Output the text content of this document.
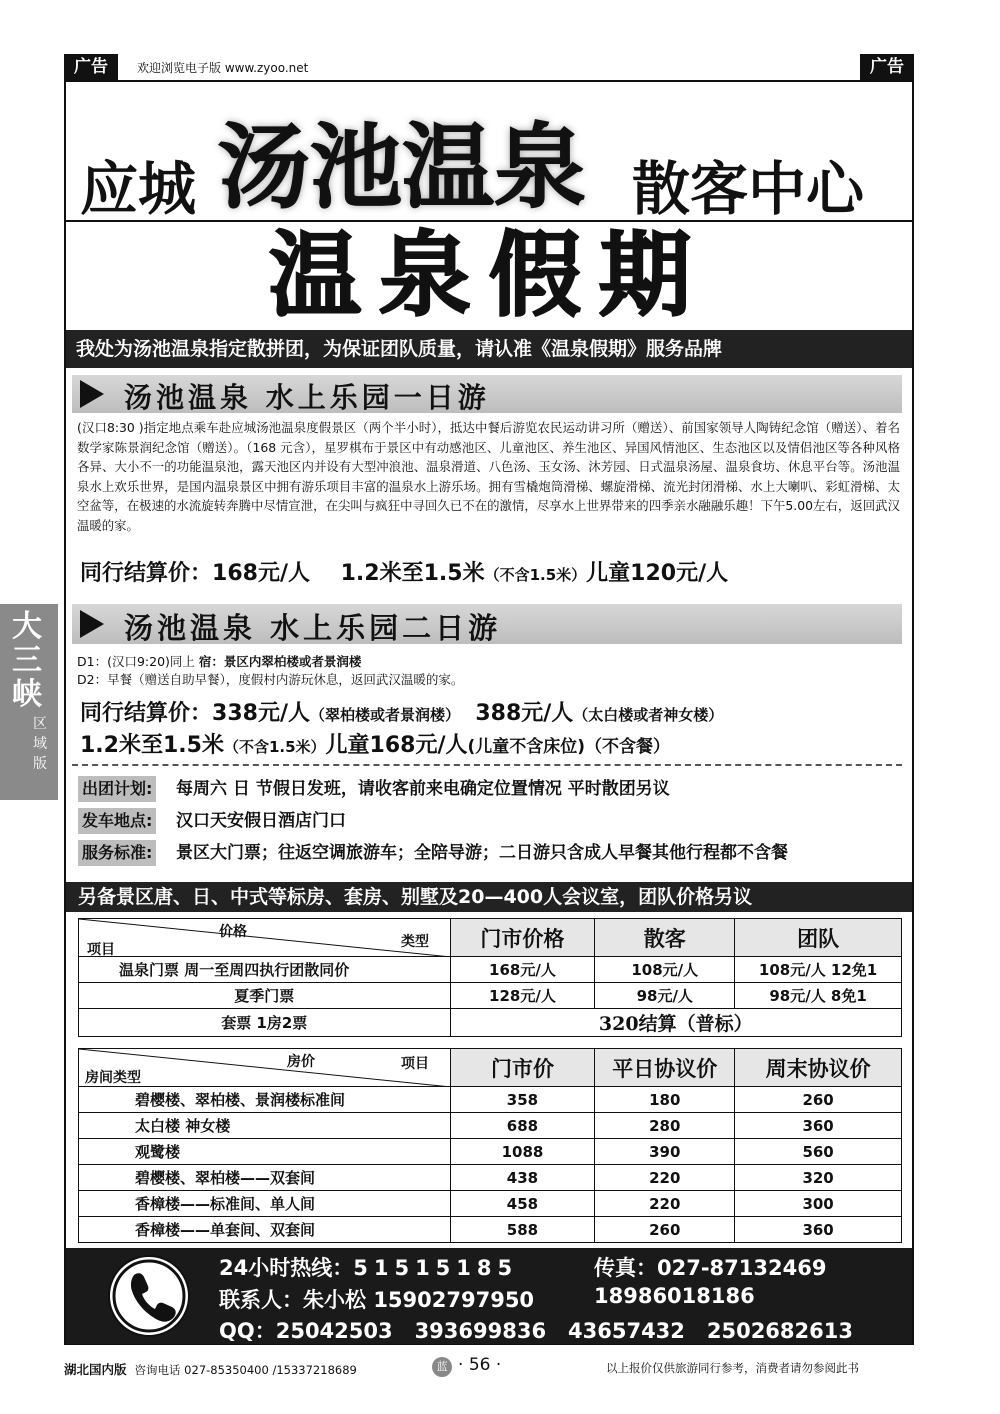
广告	欢迎浏览电子版 www.zyoo.net	广告
应城 汤池温泉 散客中心
温泉假期
我处为汤池温泉指定散拼团，为保证团队质量，请认准《温泉假期》服务品牌
汤池温泉 水上乐园一日游
(汉口8:30 )指定地点乘车赴应城汤池温泉度假景区（两个半小时），抵达中餐后游览农民运动讲习所（赠送）、前国家领导人陶铸纪念馆（赠送）、着名数学家陈景润纪念馆（赠送）。（168 元含），星罗棋布于景区中有动感池区、儿童池区、养生池区、异国风情池区、生态池区以及情侣池区等各种风格各异、大小不一的功能温泉池，露天池区内并设有大型冲浪池、温泉滑道、八色汤、玉女汤、沐芳园、日式温泉汤屋、温泉食坊、休息平台等。汤池温泉水上欢乐世界，是国内温泉景区中拥有游乐项目丰富的温泉水上游乐场。拥有雪橇炮筒滑梯、螺旋滑梯、流光封闭滑梯、水上大喇叭、彩虹滑梯、太空盆等，在极速的水流旋转奔腾中尽情宣泄，在尖叫与疯狂中寻回久已不在的激情，尽享水上世界带来的四季亲水融融乐趣！下午5.00左右，返回武汉温暖的家。
同行结算价：168元/人 1.2米至1.5米（不含1.5米）儿童120元/人
汤池温泉 水上乐园二日游
D1：(汉口9:20)同上 宿：景区内翠柏楼或者景润楼
D2：早餐（赠送自助早餐），度假村内游玩休息，返回武汉温暖的家。
同行结算价：338元/人（翠柏楼或者景润楼） 388元/人（太白楼或者神女楼）
1.2米至1.5米（不含1.5米）儿童168元/人(儿童不含床位)（不含餐）
出团计划: 每周六 日 节假日发班，请收客前来电确定位置情况 平时散团另议
发车地点: 汉口天安假日酒店门口
服务标准: 景区大门票；往返空调旅游车；全陪导游；二日游只含成人早餐其他行程都不含餐
另备景区唐、日、中式等标房、套房、别墅及20—400人会议室，团队价格另议
价格
类型
项目	门市价格	散客	团队
温泉门票 周一至周四执行团散同价	168元/人	108元/人	108元/人 12免1
夏季门票	128元/人	98元/人	98元/人 8免1
套票 1房2票	320结算（普标）		
房价 项目
房间类型	门市价	平日协议价	周末协议价
碧樱楼、翠柏楼、景润楼标准间	358	180	260
太白楼 神女楼	688	280	360
观鹭楼	1088	390	560
碧樱楼、翠柏楼——双套间	438	220	320
香樟楼——标准间、单人间	458	220	300
香樟楼——单套间、双套间	588	260	360
24小时热线：51515185	传真：027-87132469
联系人：朱小松 15902797950	18986018186
QQ：25042503 393699836 43657432 2502682613
大三峡
区域版
湖北国内版 咨询电话 027-85350400 /15337218689	蓝 · 56 ·	以上报价仅供旅游同行参考，消费者请勿参阅此书
